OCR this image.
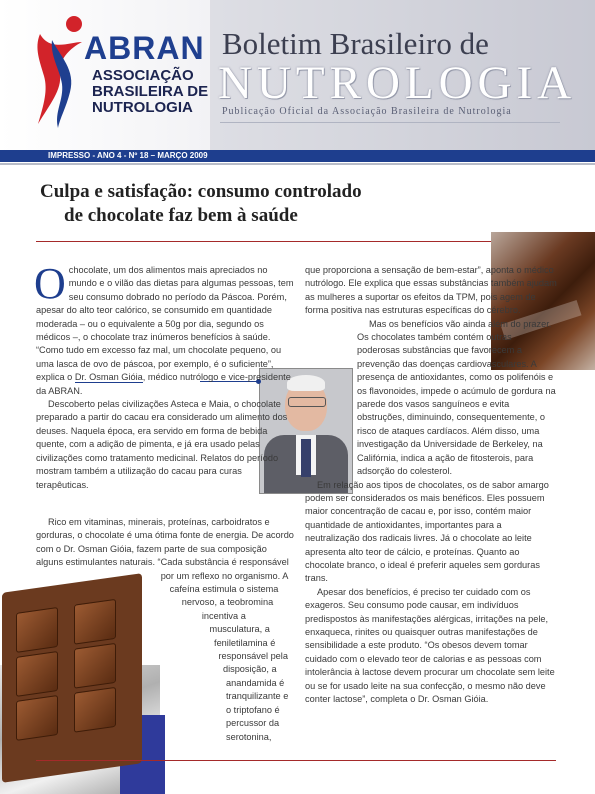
ABRAN
ASSOCIAÇÃO
BRASILEIRA DE
NUTROLOGIA
Boletim Brasileiro de
NUTROLOGIA
Publicação Oficial da Associação Brasileira de Nutrologia
IMPRESSO - ANO 4 - Nº 18 – MARÇO 2009
Culpa e satisfação: consumo controlado
de chocolate faz bem à saúde

Ochocolate, um dos alimentos mais apreciados no mundo e o vilão das dietas para algumas pessoas, tem seu consumo dobrado no período da Páscoa. Porém, apesar do alto teor calórico, se consumido em quantidade moderada – ou o equivalente a 50g por dia, segundo os médicos –, o chocolate traz inúmeros benefícios à saúde. “Como tudo em excesso faz mal, um chocolate pequeno, ou uma lasca de ovo de páscoa, por exemplo, é o suficiente”, explica o Dr. Osman Gióia, médico nutrólogo e vice-presidente da ABRAN.

Descoberto pelas civilizações Asteca e Maia, o chocolate preparado a partir do cacau era considerado um alimento dos deuses. Naquela época, era servido em forma de bebida quente, com a adição de pimenta, e já era usado pelas civilizações como tratamento medicinal. Relatos do período mostram também a utilização do cacau para curas terapêuticas.

Rico em vitaminas, minerais, proteínas, carboidratos e gorduras, o chocolate é uma ótima fonte de energia. De acordo com o Dr. Osman Gióia, fazem parte de sua composição alguns estimulantes naturais. “Cada substância é responsável por um reflexo no organismo. A cafeína estimula o sistema nervoso, a teobromina incentiva a musculatura, a feniletilamina é responsável pela disposição, a anandamida é tranquilizante e o triptofano é percussor da serotonina,

que proporciona a sensação de bem-estar”, aponta o médico nutrólogo. Ele explica que essas substâncias também ajudam as mulheres a suportar os efeitos da TPM, pois agem de forma positiva nas estruturas específicas do cérebro.

Mas os benefícios vão ainda além do prazer. Os chocolates também contém outras poderosas substâncias que favorecem a prevenção das doenças cardiovasculares. A presença de antioxidantes, como os polifenóis e os flavonoides, impede o acúmulo de gordura na parede dos vasos sanguíneos e evita obstruções, diminuindo, consequentemente, o risco de ataques cardíacos. Além disso, uma investigação da Universidade de Berkeley, na Califórnia, indica a ação de fitosterois, para adsorção do colesterol.

Em relação aos tipos de chocolates, os de sabor amargo podem ser considerados os mais benéficos. Eles possuem maior concentração de cacau e, por isso, contém maior quantidade de antioxidantes, importantes para a neutralização dos radicais livres. Já o chocolate ao leite apresenta alto teor de cálcio, e proteínas. Quanto ao chocolate branco, o ideal é preferir aqueles sem gorduras trans.

Apesar dos benefícios, é preciso ter cuidado com os exageros. Seu consumo pode causar, em indivíduos predispostos às manifestações alérgicas, irritações na pele, enxaqueca, rinites ou quaisquer outras manifestações de sensibilidade a este produto. “Os obesos devem tomar cuidado com o elevado teor de calorias e as pessoas com intolerância à lactose devem procurar um chocolate sem leite ou se for usado leite na sua confecção, o mesmo não deve conter lactose”, completa o Dr. Osman Gióia.
